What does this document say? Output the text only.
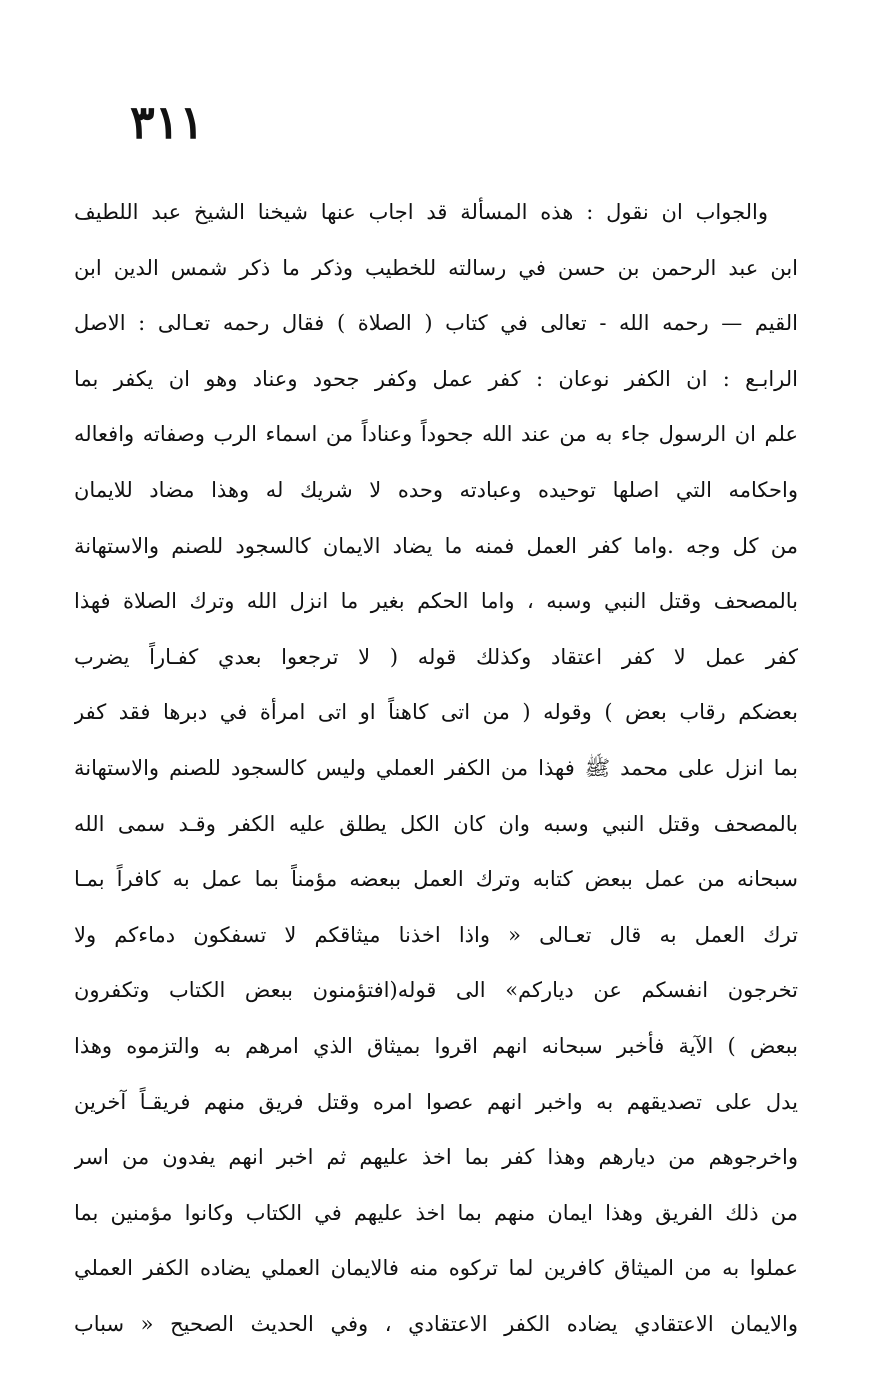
٣١١
والجواب ان نقول : هذه المسألة قد اجاب عنها شيخنا الشيخ عبد اللطيف
ابن عبد الرحمن بن حسن في رسالته للخطيب وذكر ما ذكر شمس الدين ابن
القيم — رحمه الله - تعالى في كتاب ( الصلاة ) فقال رحمه تعـالى : الاصل
الرابـع : ان الكفر نوعان : كفر عمل وكفر جحود وعناد وهو ان يكفر بما
علم ان الرسول جاء به من عند الله جحوداً وعناداً من اسماء الرب وصفاته وافعاله
واحكامه التي اصلها توحيده وعبادته وحده لا شريك له وهذا مضاد للايمان
من كل وجه .واما كفر العمل فمنه ما يضاد الايمان كالسجود للصنم والاستهانة
بالمصحف وقتل النبي وسبه ، واما الحكم بغير ما انزل الله وترك الصلاة فهذا
كفر عمل لا كفر اعتقاد وكذلك قوله ( لا ترجعوا بعدي كفـاراً يضرب
بعضكم رقاب بعض ) وقوله ( من اتى كاهناً او اتى امرأة في دبرها فقد كفر
بما انزل على محمد ﷺ فهذا من الكفر العملي وليس كالسجود للصنم والاستهانة
بالمصحف وقتل النبي وسبه وان كان الكل يطلق عليه الكفر وقـد سمى الله
سبحانه من عمل ببعض كتابه وترك العمل ببعضه مؤمناً بما عمل به كافراً بمـا
ترك العمل به قال تعـالى « واذا اخذنا ميثاقكم لا تسفكون دماءكم ولا
تخرجون انفسكم عن دياركم» الى قوله(افتؤمنون ببعض الكتاب وتكفرون
ببعض ) الآية فأخبر سبحانه انهم اقروا بميثاق الذي امرهم به والتزموه وهذا
يدل على تصديقهم به واخبر انهم عصوا امره وقتل فريق منهم فريقـاً آخرين
واخرجوهم من ديارهم وهذا كفر بما اخذ عليهم ثم اخبر انهم يفدون من اسر
من ذلك الفريق وهذا ايمان منهم بما اخذ عليهم في الكتاب وكانوا مؤمنين بما
عملوا به من الميثاق كافرين لما تركوه منه فالايمان العملي يضاده الكفر العملي
والايمان الاعتقادي يضاده الكفر الاعتقادي ، وفي الحديث الصحيح « سباب
